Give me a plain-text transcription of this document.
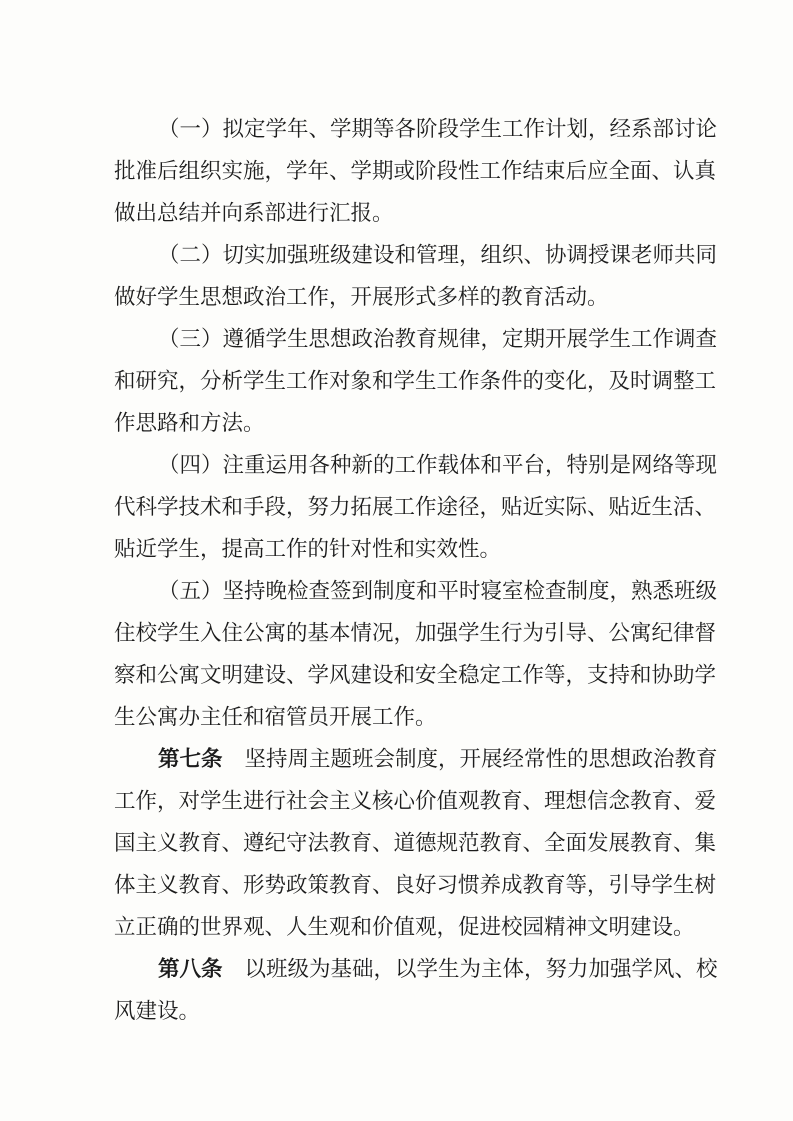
（一）拟定学年、学期等各阶段学生工作计划，经系部讨论
批准后组织实施，学年、学期或阶段性工作结束后应全面、认真
做出总结并向系部进行汇报。
（二）切实加强班级建设和管理，组织、协调授课老师共同
做好学生思想政治工作，开展形式多样的教育活动。
（三）遵循学生思想政治教育规律，定期开展学生工作调查
和研究，分析学生工作对象和学生工作条件的变化，及时调整工
作思路和方法。
（四）注重运用各种新的工作载体和平台，特别是网络等现
代科学技术和手段，努力拓展工作途径，贴近实际、贴近生活、
贴近学生，提高工作的针对性和实效性。
（五）坚持晚检查签到制度和平时寝室检查制度，熟悉班级
住校学生入住公寓的基本情况，加强学生行为引导、公寓纪律督
察和公寓文明建设、学风建设和安全稳定工作等，支持和协助学
生公寓办主任和宿管员开展工作。
第七条 坚持周主题班会制度，开展经常性的思想政治教育
工作，对学生进行社会主义核心价值观教育、理想信念教育、爱
国主义教育、遵纪守法教育、道德规范教育、全面发展教育、集
体主义教育、形势政策教育、良好习惯养成教育等，引导学生树
立正确的世界观、人生观和价值观，促进校园精神文明建设。
第八条 以班级为基础，以学生为主体，努力加强学风、校
风建设。
